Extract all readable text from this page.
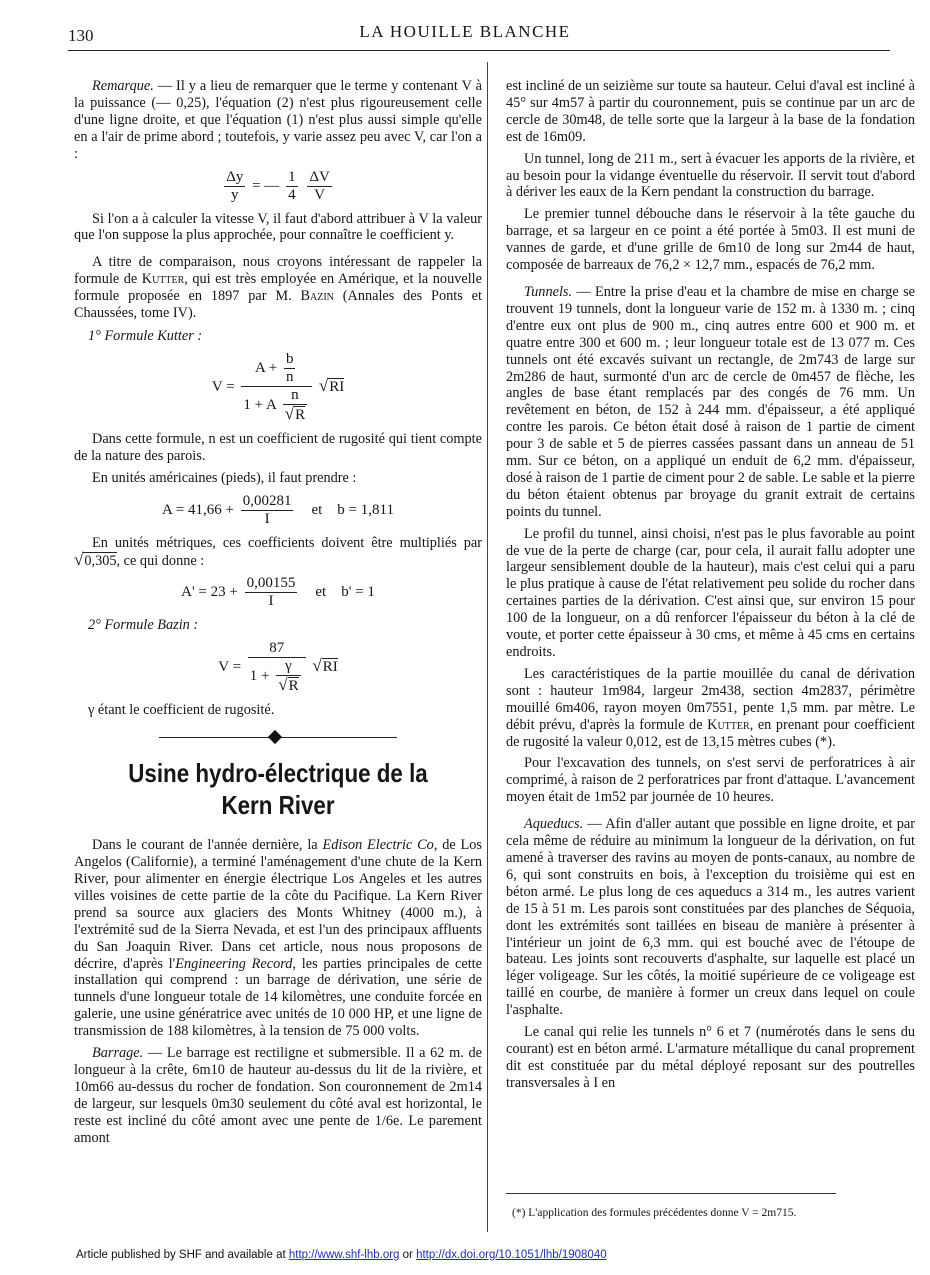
130	LA HOUILLE BLANCHE

Remarque. — Il y a lieu de remarquer que le terme y contenant V à la puissance (— 0,25), l'équation (2) n'est plus rigoureusement celle d'une ligne droite, et que l'équation (1) n'est plus aussi simple qu'elle en a l'air de prime abord ; toutefois, y varie assez peu avec V, car l'on a :

$\frac{\Delta y}{y}$ = — $\frac{1}{4}$
$\frac{\Delta V}{V}$

Si l'on a à calculer la vitesse V, il faut d'abord attribuer à V la valeur que l'on suppose la plus approchée, pour connaître le coefficient y.

A titre de comparaison, nous croyons intéressant de rappeler la formule de Kutter, qui est très employée en Amérique, et la nouvelle formule proposée en 1897 par M. Bazin (Annales des Ponts et Chaussées, tome IV).

1° Formule Kutter :
$V = \frac{A + \frac{b}{n}}{1 + A \frac{n}{√R}} √RI$

Dans cette formule, n est un coefficient de rugosité qui tient compte de la nature des parois.

En unités américaines (pieds), il faut prendre :

$A = 41,66 + \frac{0,00281}{I}$ et b = 1,811

En unités métriques, ces coefficients doivent être multipliés par √0,305, ce qui donne :

$A' = 23 + \frac{0,00155}{I}$ et b' = 1
2° Formule Bazin :
$V = \frac{87}{1 + \frac{\gamma}{√R}} √RI$

γ étant le coefficient de rugosité.

Usine hydro-électrique de la Kern River

Dans le courant de l'année dernière, la Edison Electric Co, de Los Angelos (Californie), a terminé l'aménagement d'une chute de la Kern River, pour alimenter en énergie électrique Los Angeles et les autres villes voisines de cette partie de la côte du Pacifique. La Kern River prend sa source aux glaciers des Monts Whitney (4000 m.), à l'extrémité sud de la Sierra Nevada, et est l'un des principaux affluents du San Joaquin River. Dans cet article, nous nous proposons de décrire, d'après l'Engineering Record, les parties principales de cette installation qui comprend : un barrage de dérivation, une série de tunnels d'une longueur totale de 14 kilomètres, une conduite forcée en galerie, une usine génératrice avec unités de 10 000 HP, et une ligne de transmission de 188 kilomètres, à la tension de 75 000 volts.

Barrage. — Le barrage est rectiligne et submersible. Il a 62 m. de longueur à la crête, 6m10 de hauteur au-dessus du lit de la rivière, et 10m66 au-dessus du rocher de fondation. Son couronnement de 2m14 de largeur, sur lesquels 0m30 seulement du côté aval est horizontal, le reste est incliné du côté amont avec une pente de 1/6e. Le parement amont

est incliné de un seizième sur toute sa hauteur. Celui d'aval est incliné à 45° sur 4m57 à partir du couronnement, puis se continue par un arc de cercle de 30m48, de telle sorte que la largeur à la base de la fondation est de 16m09.

Un tunnel, long de 211 m., sert à évacuer les apports de la rivière, et au besoin pour la vidange éventuelle du réservoir. Il servit tout d'abord à dériver les eaux de la Kern pendant la construction du barrage.

Le premier tunnel débouche dans le réservoir à la tête gauche du barrage, et sa largeur en ce point a été portée à 5m03. Il est muni de vannes de garde, et d'une grille de 6m10 de long sur 2m44 de haut, composée de barreaux de 76,2 × 12,7 mm., espacés de 76,2 mm.

Tunnels. — Entre la prise d'eau et la chambre de mise en charge se trouvent 19 tunnels, dont la longueur varie de 152 m. à 1330 m. ; cinq d'entre eux ont plus de 900 m., cinq autres entre 600 et 900 m. et quatre entre 300 et 600 m. ; leur longueur totale est de 13 077 m. Ces tunnels ont été excavés suivant un rectangle, de 2m743 de large sur 2m286 de haut, surmonté d'un arc de cercle de 0m457 de flèche, les angles de base étant remplacés par des congés de 76 mm. Un revêtement en béton, de 152 à 244 mm. d'épaisseur, a été appliqué contre les parois. Ce béton était dosé à raison de 1 partie de ciment pour 3 de sable et 5 de pierres cassées passant dans un anneau de 51 mm. Sur ce béton, on a appliqué un enduit de 6,2 mm. d'épaisseur, dosé à raison de 1 partie de ciment pour 2 de sable. Le sable et la pierre du béton étaient obtenus par broyage du granit extrait de certains points du tunnel.

Le profil du tunnel, ainsi choisi, n'est pas le plus favorable au point de vue de la perte de charge (car, pour cela, il aurait fallu adopter une largeur sensiblement double de la hauteur), mais c'est celui qui a paru le plus pratique à cause de l'état relativement peu solide du rocher dans certaines parties de la dérivation. C'est ainsi que, sur environ 15 pour 100 de la longueur, on a dû renforcer l'épaisseur du béton à la clé de voute, et porter cette épaisseur à 30 cms, et même à 45 cms en certains endroits.

Les caractéristiques de la partie mouillée du canal de dérivation sont : hauteur 1m984, largeur 2m438, section 4m2837, périmètre mouillé 6m406, rayon moyen 0m7551, pente 1,5 mm. par mètre. Le débit prévu, d'après la formule de Kutter, en prenant pour coefficient de rugosité la valeur 0,012, est de 13,15 mètres cubes (*).

Pour l'excavation des tunnels, on s'est servi de perforatrices à air comprimé, à raison de 2 perforatrices par front d'attaque. L'avancement moyen était de 1m52 par journée de 10 heures.

Aqueducs. — Afin d'aller autant que possible en ligne droite, et par cela même de réduire au minimum la longueur de la dérivation, on fut amené à traverser des ravins au moyen de ponts-canaux, au nombre de 6, qui sont construits en bois, à l'exception du troisième qui est en béton armé. Le plus long de ces aqueducs a 314 m., les autres varient de 15 à 51 m. Les parois sont constituées par des planches de Séquoia, dont les extrémités sont taillées en biseau de manière à présenter à l'intérieur un joint de 6,3 mm. qui est bouché avec de l'étoupe de bateau. Les joints sont recouverts d'asphalte, sur laquelle est placé un léger voligeage. Sur les côtés, la moitié supérieure de ce voligeage est taillé en courbe, de manière à former un creux dans lequel on coule l'asphalte.

Le canal qui relie les tunnels n° 6 et 7 (numérotés dans le sens du courant) est en béton armé. L'armature métallique du canal proprement dit est constituée par du métal déployé reposant sur des poutrelles transversales à I en

(*) L'application des formules précédentes donne V = 2m715.
Article published by SHF and available at http://www.shf-lhb.org or http://dx.doi.org/10.1051/lhb/1908040
